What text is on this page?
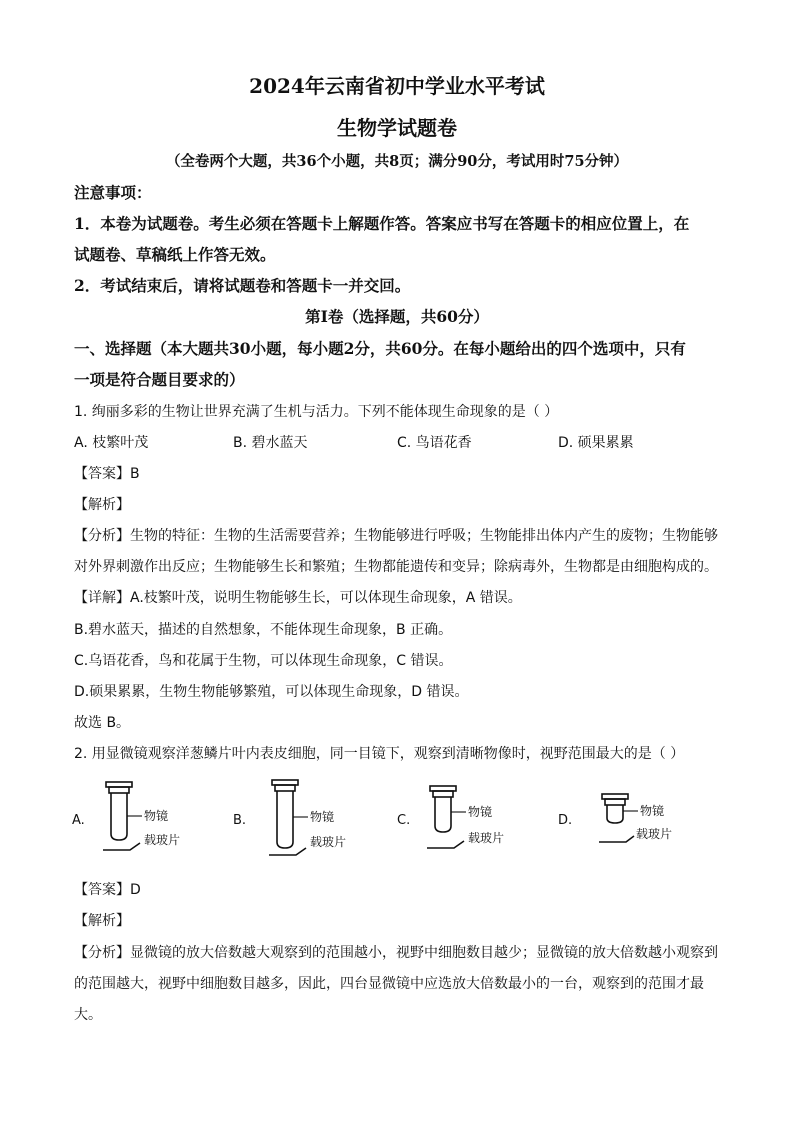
2024年云南省初中学业水平考试
生物学试题卷
（全卷两个大题，共36个小题，共8页；满分90分，考试用时75分钟）
注意事项：
1．本卷为试题卷。考生必须在答题卡上解题作答。答案应书写在答题卡的相应位置上，在
试题卷、草稿纸上作答无效。
2．考试结束后，请将试题卷和答题卡一并交回。
第Ⅰ卷（选择题，共60分）
一、选择题（本大题共30小题，每小题2分，共60分。在每小题给出的四个选项中，只有
一项是符合题目要求的）
1. 绚丽多彩的生物让世界充满了生机与活力。下列不能体现生命现象的是（ ）
A. 枝繁叶茂	B. 碧水蓝天	C. 鸟语花香	D. 硕果累累
【答案】B
【解析】
【分析】生物的特征：生物的生活需要营养；生物能够进行呼吸；生物能排出体内产生的废物；生物能够
对外界刺激作出反应；生物能够生长和繁殖；生物都能遗传和变异；除病毒外，生物都是由细胞构成的。
【详解】A.枝繁叶茂，说明生物能够生长，可以体现生命现象，A 错误。
B.碧水蓝天，描述的自然想象，不能体现生命现象，B 正确。
C.乌语花香，鸟和花属于生物，可以体现生命现象，C 错误。
D.硕果累累，生物生物能够繁殖，可以体现生命现象，D 错误。
故选 B。
2. 用显微镜观察洋葱鳞片叶内表皮细胞，同一目镜下，观察到清晰物像时，视野范围最大的是（ ）
A.	物镜
载玻片
B.	物镜
载玻片
C.
物镜
载玻片
D.
物镜
载玻片
【答案】D
【解析】
【分析】显微镜的放大倍数越大观察到的范围越小，视野中细胞数目越少；显微镜的放大倍数越小观察到
的范围越大，视野中细胞数目越多，因此，四台显微镜中应选放大倍数最小的一台，观察到的范围才最
大。
